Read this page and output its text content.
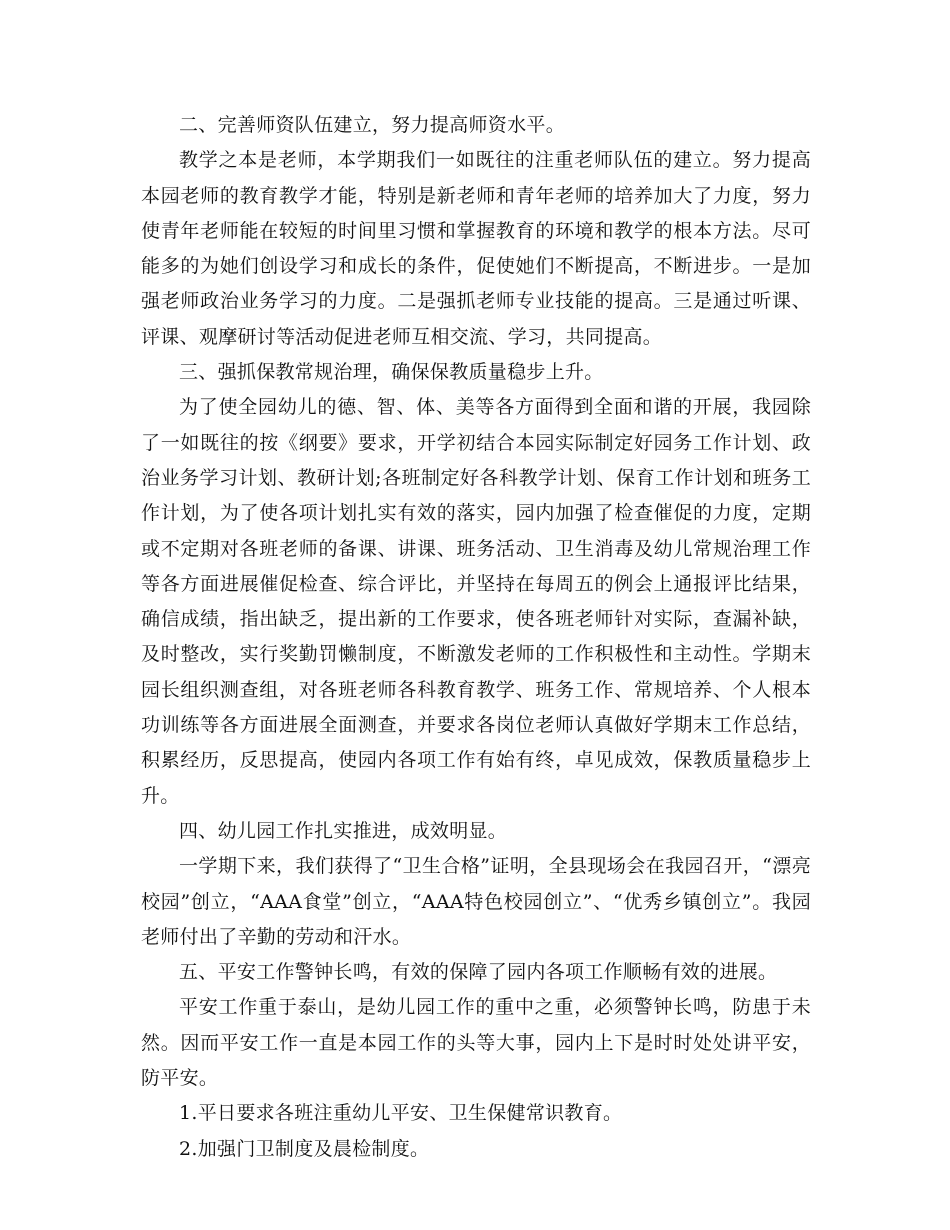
二、完善师资队伍建立，努力提高师资水平。

教学之本是老师，本学期我们一如既往的注重老师队伍的建立。努力提高本园老师的教育教学才能，特别是新老师和青年老师的培养加大了力度，努力使青年老师能在较短的时间里习惯和掌握教育的环境和教学的根本方法。尽可能多的为她们创设学习和成长的条件，促使她们不断提高，不断进步。一是加强老师政治业务学习的力度。二是强抓老师专业技能的提高。三是通过听课、评课、观摩研讨等活动促进老师互相交流、学习，共同提高。

三、强抓保教常规治理，确保保教质量稳步上升。

为了使全园幼儿的德、智、体、美等各方面得到全面和谐的开展，我园除了一如既往的按《纲要》要求，开学初结合本园实际制定好园务工作计划、政治业务学习计划、教研计划;各班制定好各科教学计划、保育工作计划和班务工作计划，为了使各项计划扎实有效的落实，园内加强了检查催促的力度，定期或不定期对各班老师的备课、讲课、班务活动、卫生消毒及幼儿常规治理工作等各方面进展催促检查、综合评比，并坚持在每周五的例会上通报评比结果，确信成绩，指出缺乏，提出新的工作要求，使各班老师针对实际，查漏补缺，及时整改，实行奖勤罚懒制度，不断激发老师的工作积极性和主动性。学期末园长组织测查组，对各班老师各科教育教学、班务工作、常规培养、个人根本功训练等各方面进展全面测查，并要求各岗位老师认真做好学期末工作总结，积累经历，反思提高，使园内各项工作有始有终，卓见成效，保教质量稳步上升。

四、幼儿园工作扎实推进，成效明显。

一学期下来，我们获得了“卫生合格”证明，全县现场会在我园召开，“漂亮校园”创立，“AAA食堂”创立，“AAA特色校园创立”、“优秀乡镇创立”。我园老师付出了辛勤的劳动和汗水。

五、平安工作警钟长鸣，有效的保障了园内各项工作顺畅有效的进展。

平安工作重于泰山，是幼儿园工作的重中之重，必须警钟长鸣，防患于未然。因而平安工作一直是本园工作的头等大事，园内上下是时时处处讲平安，防平安。

1.平日要求各班注重幼儿平安、卫生保健常识教育。

2.加强门卫制度及晨检制度。
